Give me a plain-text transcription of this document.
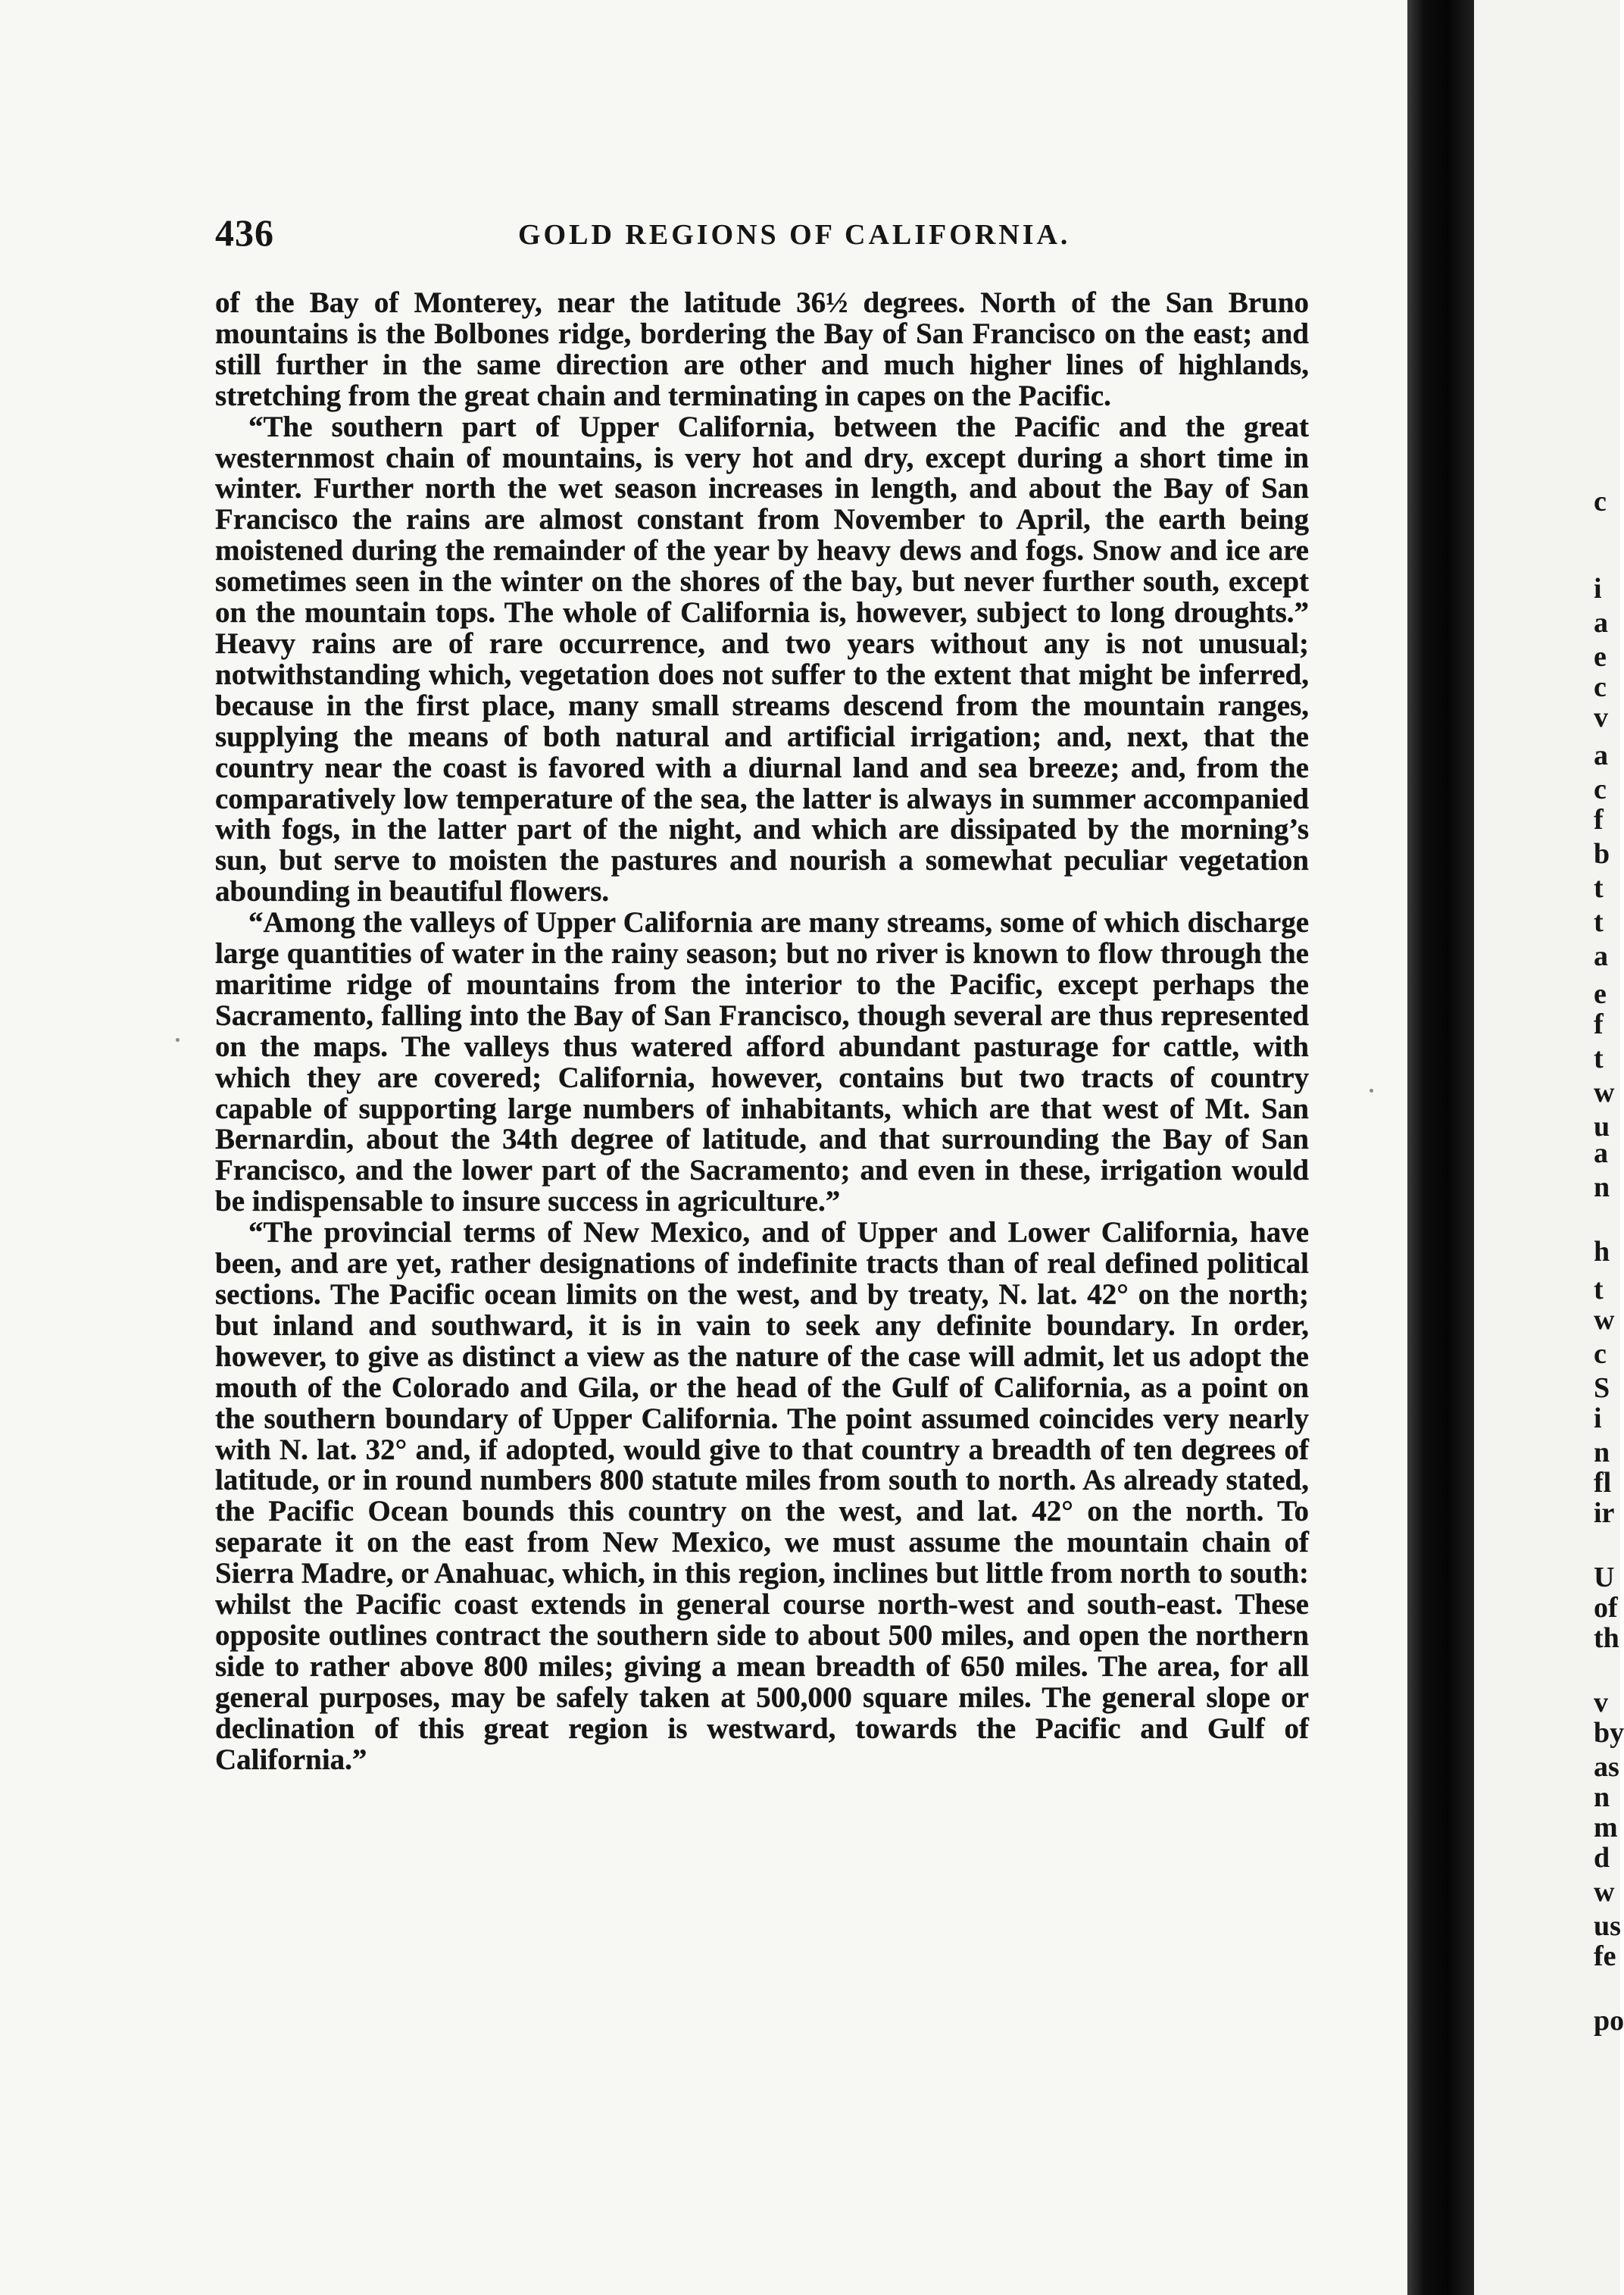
436	GOLD REGIONS OF CALIFORNIA.

of the Bay of Monterey, near the latitude 36½ degrees. North of the San Bruno mountains is the Bolbones ridge, bordering the Bay of San Francisco on the east; and still further in the same direction are other and much higher lines of highlands, stretching from the great chain and terminating in capes on the Pacific.

“The southern part of Upper California, between the Pacific and the great westernmost chain of mountains, is very hot and dry, except during a short time in winter. Further north the wet season increases in length, and about the Bay of San Francisco the rains are almost constant from November to April, the earth being moistened during the remainder of the year by heavy dews and fogs. Snow and ice are sometimes seen in the winter on the shores of the bay, but never further south, except on the mountain tops. The whole of California is, however, subject to long droughts.” Heavy rains are of rare occurrence, and two years without any is not unusual; notwithstanding which, vegetation does not suffer to the extent that might be inferred, because in the first place, many small streams descend from the mountain ranges, supplying the means of both natural and artificial irrigation; and, next, that the country near the coast is favored with a diurnal land and sea breeze; and, from the comparatively low temperature of the sea, the latter is always in summer accompanied with fogs, in the latter part of the night, and which are dissipated by the morning’s sun, but serve to moisten the pastures and nourish a somewhat peculiar vegetation abounding in beautiful flowers.

“Among the valleys of Upper California are many streams, some of which discharge large quantities of water in the rainy season; but no river is known to flow through the maritime ridge of mountains from the interior to the Pacific, except perhaps the Sacramento, falling into the Bay of San Francisco, though several are thus represented on the maps. The valleys thus watered afford abundant pasturage for cattle, with which they are covered; California, however, contains but two tracts of country capable of supporting large numbers of inhabitants, which are that west of Mt. San Bernardin, about the 34th degree of latitude, and that surrounding the Bay of San Francisco, and the lower part of the Sacramento; and even in these, irrigation would be indispensable to insure success in agriculture.”

“The provincial terms of New Mexico, and of Upper and Lower California, have been, and are yet, rather designations of indefinite tracts than of real defined political sections. The Pacific ocean limits on the west, and by treaty, N. lat. 42° on the north; but inland and southward, it is in vain to seek any definite boundary. In order, however, to give as distinct a view as the nature of the case will admit, let us adopt the mouth of the Colorado and Gila, or the head of the Gulf of California, as a point on the southern boundary of Upper California. The point assumed coincides very nearly with N. lat. 32° and, if adopted, would give to that country a breadth of ten degrees of latitude, or in round numbers 800 statute miles from south to north. As already stated, the Pacific Ocean bounds this country on the west, and lat. 42° on the north. To separate it on the east from New Mexico, we must assume the mountain chain of Sierra Madre, or Anahuac, which, in this region, inclines but little from north to south: whilst the Pacific coast extends in general course north-west and south-east. These opposite outlines contract the southern side to about 500 miles, and open the northern side to rather above 800 miles; giving a mean breadth of 650 miles. The area, for all general purposes, may be safely taken at 500,000 square miles. The general slope or declination of this great region is westward, towards the Pacific and Gulf of California.”

c
i
a
e
c
v
a
c
f
b
t
t
a
e
f
t
w
u
a
n
h
t
w
c
S
i
n
fl
ir
U
of
th
v
by
as
n
m
d
w
us
fe
po
